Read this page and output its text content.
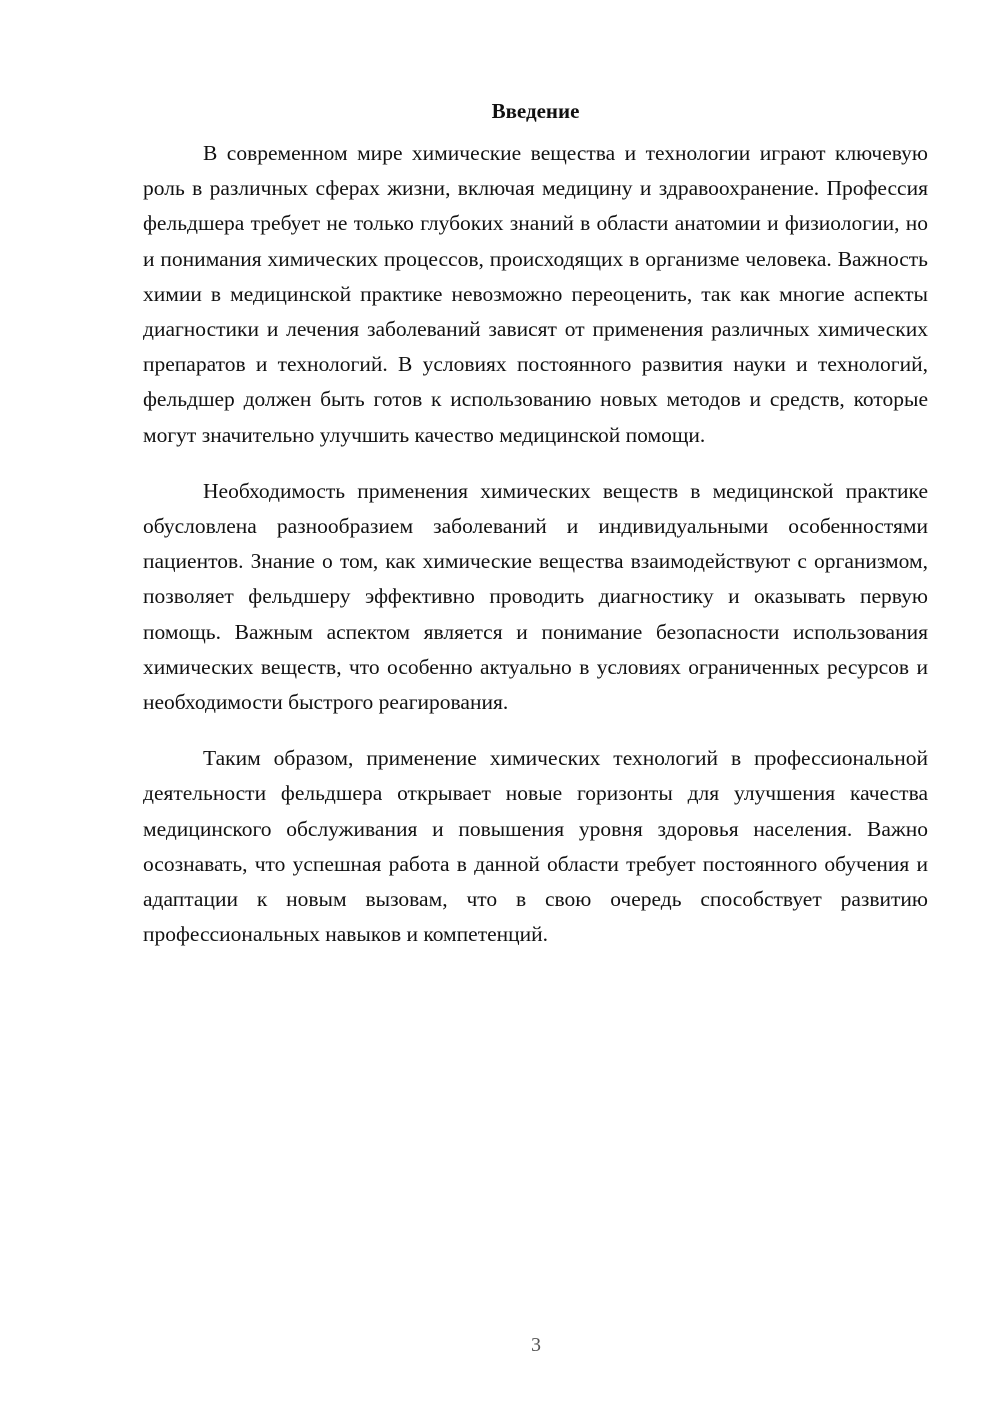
Введение

В современном мире химические вещества и технологии играют ключевую роль в различных сферах жизни, включая медицину и здравоохранение. Профессия фельдшера требует не только глубоких знаний в области анатомии и физиологии, но и понимания химических процессов, происходящих в организме человека. Важность химии в медицинской практике невозможно переоценить, так как многие аспекты диагностики и лечения заболеваний зависят от применения различных химических препаратов и технологий. В условиях постоянного развития науки и технологий, фельдшер должен быть готов к использованию новых методов и средств, которые могут значительно улучшить качество медицинской помощи.

Необходимость применения химических веществ в медицинской практике обусловлена разнообразием заболеваний и индивидуальными особенностями пациентов. Знание о том, как химические вещества взаимодействуют с организмом, позволяет фельдшеру эффективно проводить диагностику и оказывать первую помощь. Важным аспектом является и понимание безопасности использования химических веществ, что особенно актуально в условиях ограниченных ресурсов и необходимости быстрого реагирования.

Таким образом, применение химических технологий в профессиональной деятельности фельдшера открывает новые горизонты для улучшения качества медицинского обслуживания и повышения уровня здоровья населения. Важно осознавать, что успешная работа в данной области требует постоянного обучения и адаптации к новым вызовам, что в свою очередь способствует развитию профессиональных навыков и компетенций.

3
